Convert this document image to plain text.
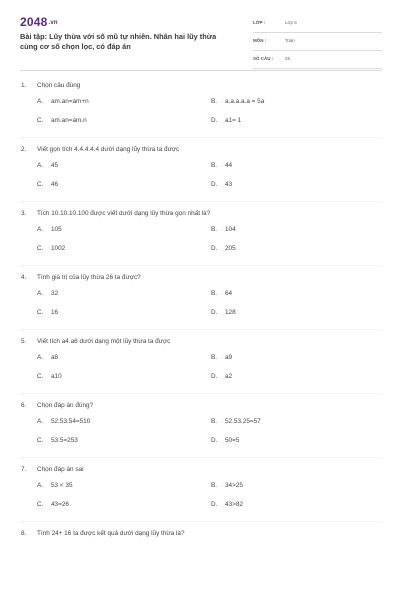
2048.vn
Bài tập: Lũy thừa với số mũ tự nhiên. Nhân hai lũy thừa cùng cơ số chọn lọc, có đáp án
LỚP :	Lớp 6
MÔN :	Toán
SỐ CÂU :	25
1. Chọn câu đúng
A. am.an=am+n	B. a.a.a.a.a = 5a
C. am.an=am.n	D. a1= 1
2. Viết gọn tích 4.4.4.4.4 dưới dạng lũy thừa ta được
A. 45	B. 44
C. 46	D. 43
3. Tích 10.10.10.100 được viết dưới dạng lũy thừa gọn nhất là?
A. 105	B. 104
C. 1002	D. 205
4. Tính giá trị của lũy thừa 26 ta được?
A. 32	B. 64
C. 16	D. 128
5. Viết tích a4.a6 dưới dạng một lũy thừa ta được
A. a8	B. a9
C. a10	D. a2
6. Chọn đáp án đúng?
A. 52.53.54=510	B. 52.53.25=57
C. 53.5=253	D. 50=5
7. Chọn đáp án sai
A. 53 < 35	B. 34>25
C. 43=26	D. 43>82
8. Tính 24+ 16 ta được kết quả dưới dạng lũy thừa là?
